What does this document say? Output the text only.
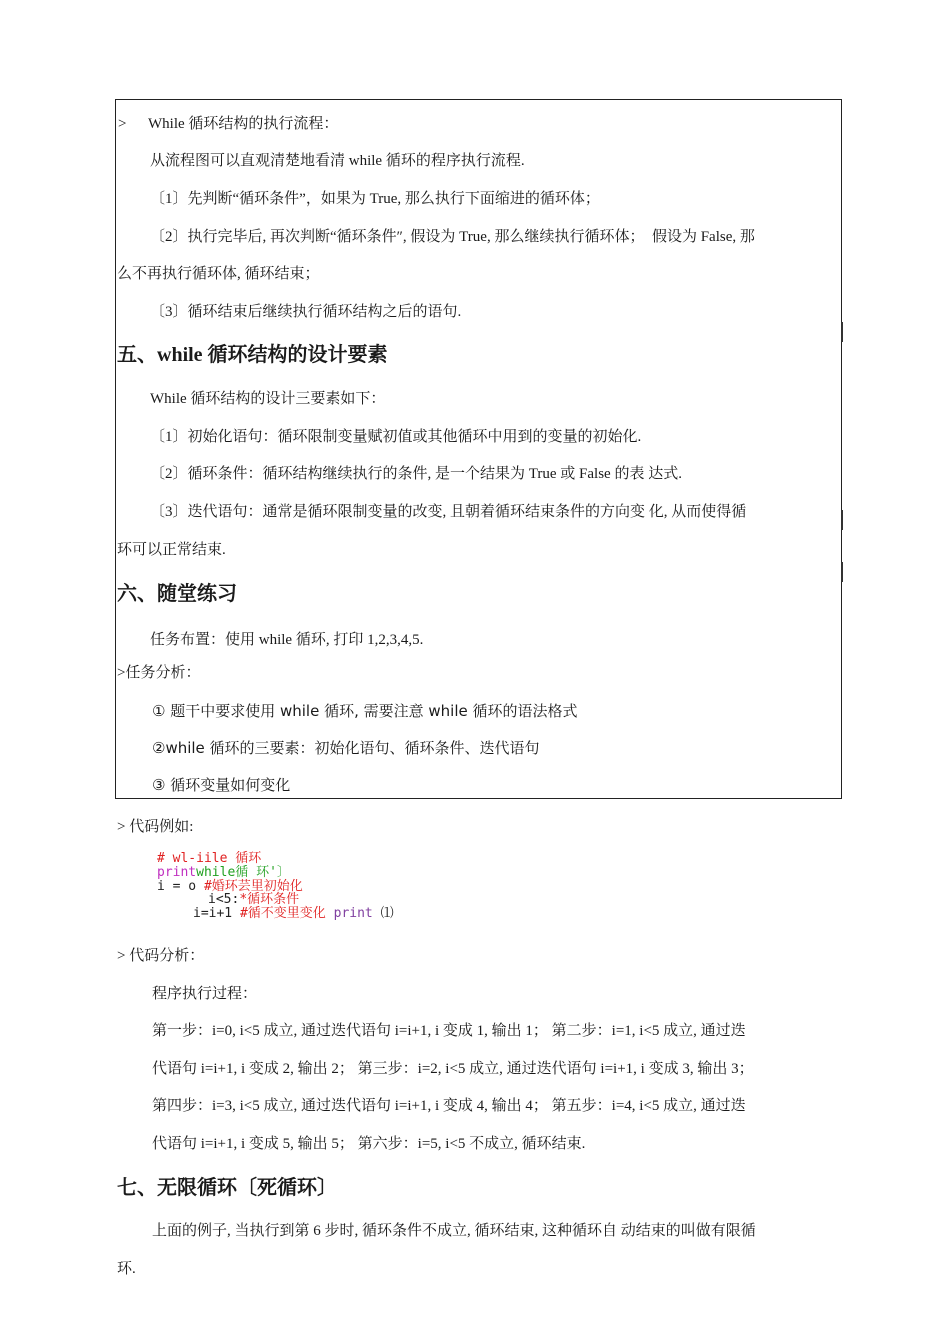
> While 循环结构的执行流程：
从流程图可以直观清楚地看清 while 循环的程序执行流程.
〔1〕先判断“循环条件”，如果为 True, 那么执行下面缩进的循环体；
〔2〕执行完毕后, 再次判断“循环条件″, 假设为 True, 那么继续执行循环体；　假设为 False, 那
么不再执行循环体, 循环结束；
〔3〕循环结束后继续执行循环结构之后的语句.
五、while 循环结构的设计要素
While 循环结构的设计三要素如下：
〔1〕初始化语句：循环限制变量赋初值或其他循环中用到的变量的初始化.
〔2〕循环条件：循环结构继续执行的条件, 是一个结果为 True 或 False 的表 达式.
〔3〕迭代语句：通常是循环限制变量的改变, 且朝着循环结束条件的方向变 化, 从而使得循
环可以正常结束.
六、随堂练习
任务布置：使用 while 循环, 打印 1,2,3,4,5.
>任务分析：
① 题干中要求使用 while 循环, 需要注意 while 循环的语法格式
②while 循环的三要素：初始化语句、循环条件、迭代语句
③ 循环变量如何变化
> 代码例如:
# wl-iile 循环
printwhile循 环'〕
i = o #婚环芸里初始化
i<5:*循环条件
i=i+1 #循不变里变化 print ⑴
> 代码分析：
程序执行过程：
第一步：i=0, i<5 成立, 通过迭代语句 i=i+1, i 变成 1, 输出 1； 第二步：i=1, i<5 成立, 通过迭
代语句 i=i+1, i 变成 2, 输出 2； 第三步：i=2, i<5 成立, 通过迭代语句 i=i+1, i 变成 3, 输出 3；
第四步：i=3, i<5 成立, 通过迭代语句 i=i+1, i 变成 4, 输出 4； 第五步：i=4, i<5 成立, 通过迭
代语句 i=i+1, i 变成 5, 输出 5； 第六步：i=5, i<5 不成立, 循环结束.
七、无限循环〔死循环〕
上面的例子, 当执行到第 6 步时, 循环条件不成立, 循环结束, 这种循环自 动结束的叫做有限循
环.
